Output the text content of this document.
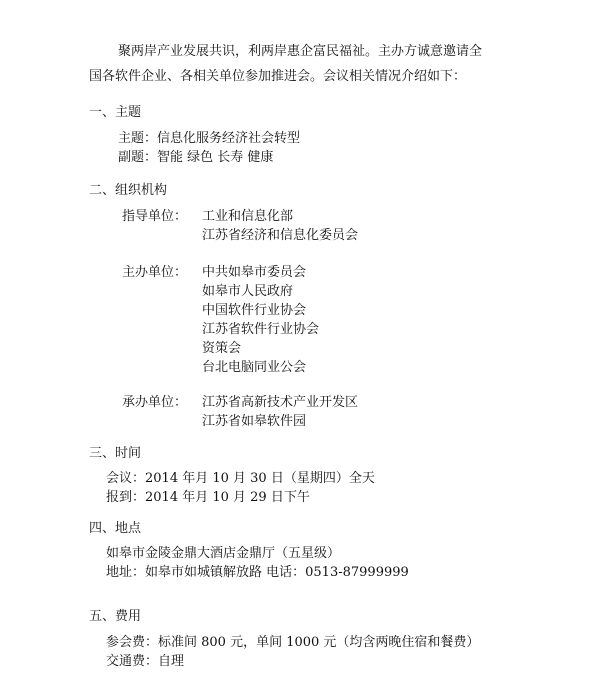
聚两岸产业发展共识，利两岸惠企富民福祉。主办方诚意邀请全
国各软件企业、各相关单位参加推进会。会议相关情况介绍如下：
一、主题
主题：信息化服务经济社会转型
副题：智能 绿色 长寿 健康
二、组织机构
指导单位： 工业和信息化部
江苏省经济和信息化委员会
主办单位： 中共如皋市委员会
如皋市人民政府
中国软件行业协会
江苏省软件行业协会
资策会
台北电脑同业公会
承办单位： 江苏省高新技术产业开发区
江苏省如皋软件园
三、时间
会议：2014 年月 10 月 30 日（星期四）全天
报到：2014 年月 10 月 29 日下午
四、地点
如皋市金陵金鼎大酒店金鼎厅（五星级）
地址：如皋市如城镇解放路 电话：0513-87999999
五、费用
参会费：标准间 800 元，单间 1000 元（均含两晚住宿和餐费）
交通费：自理
